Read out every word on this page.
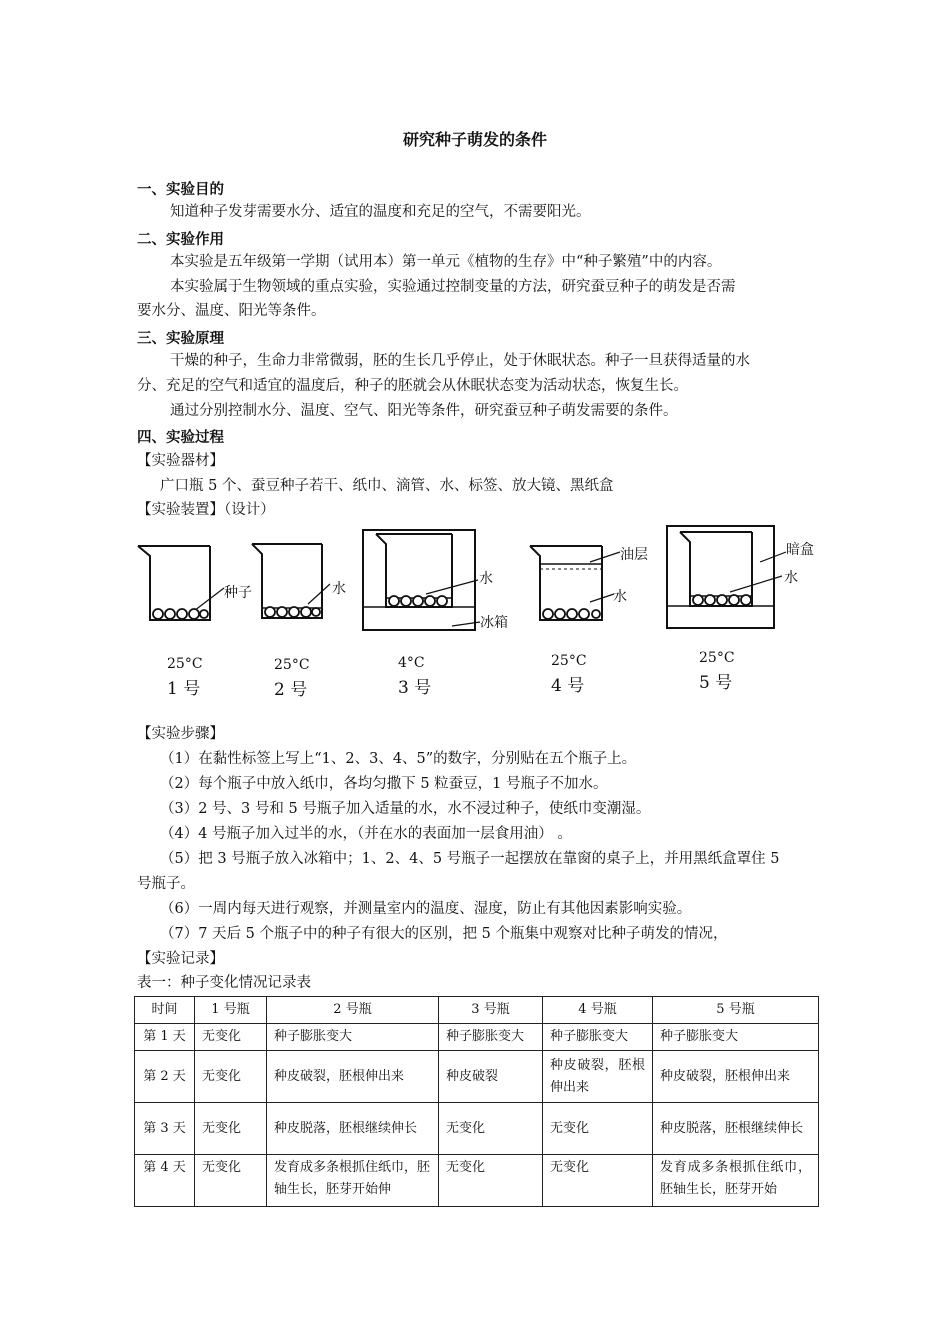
研究种子萌发的条件
一、实验目的
知道种子发芽需要水分、适宜的温度和充足的空气，不需要阳光。
二、实验作用
本实验是五年级第一学期（试用本）第一单元《植物的生存》中“种子繁殖”中的内容。
本实验属于生物领域的重点实验，实验通过控制变量的方法，研究蚕豆种子的萌发是否需
要水分、温度、阳光等条件。
三、实验原理
干燥的种子，生命力非常微弱，胚的生长几乎停止，处于休眠状态。种子一旦获得适量的水
分、充足的空气和适宜的温度后，种子的胚就会从休眠状态变为活动状态，恢复生长。
通过分别控制水分、温度、空气、阳光等条件，研究蚕豆种子萌发需要的条件。
四、实验过程
【实验器材】
广口瓶 5 个、蚕豆种子若干、纸巾、滴管、水、标签、放大镜、黑纸盒
【实验装置】（设计）
种子	水
水
冰箱
油层
水
暗盒
水
25°C	25°C	4°C	25°C	25°C
1 号	2 号	3 号	4 号	5 号
【实验步骤】
（1）在黏性标签上写上“1、2、3、4、5”的数字，分别贴在五个瓶子上。
（2）每个瓶子中放入纸巾，各均匀撒下 5 粒蚕豆，1 号瓶子不加水。
（3）2 号、3 号和 5 号瓶子加入适量的水，水不浸过种子，使纸巾变潮湿。
（4）4 号瓶子加入过半的水，（并在水的表面加一层食用油） 。
（5）把 3 号瓶子放入冰箱中；1、2、4、5 号瓶子一起摆放在靠窗的桌子上，并用黑纸盒罩住 5
号瓶子。
（6）一周内每天进行观察，并测量室内的温度、湿度，防止有其他因素影响实验。
（7）7 天后 5 个瓶子中的种子有很大的区别，把 5 个瓶集中观察对比种子萌发的情况，
【实验记录】
表一：种子变化情况记录表
时间	1 号瓶	2 号瓶	3 号瓶	4 号瓶	5 号瓶
第 1 天	无变化	种子膨胀变大	种子膨胀变大	种子膨胀变大	种子膨胀变大
第 2 天	无变化	种皮破裂，胚根伸出来	种皮破裂	种皮破裂，胚根伸出来	种皮破裂，胚根伸出来
第 3 天	无变化	种皮脱落，胚根继续伸长	无变化	无变化	种皮脱落，胚根继续伸长
第 4 天	无变化	发育成多条根抓住纸巾，胚轴生长，胚芽开始伸	无变化	无变化	发育成多条根抓住纸巾，胚轴生长，胚芽开始
